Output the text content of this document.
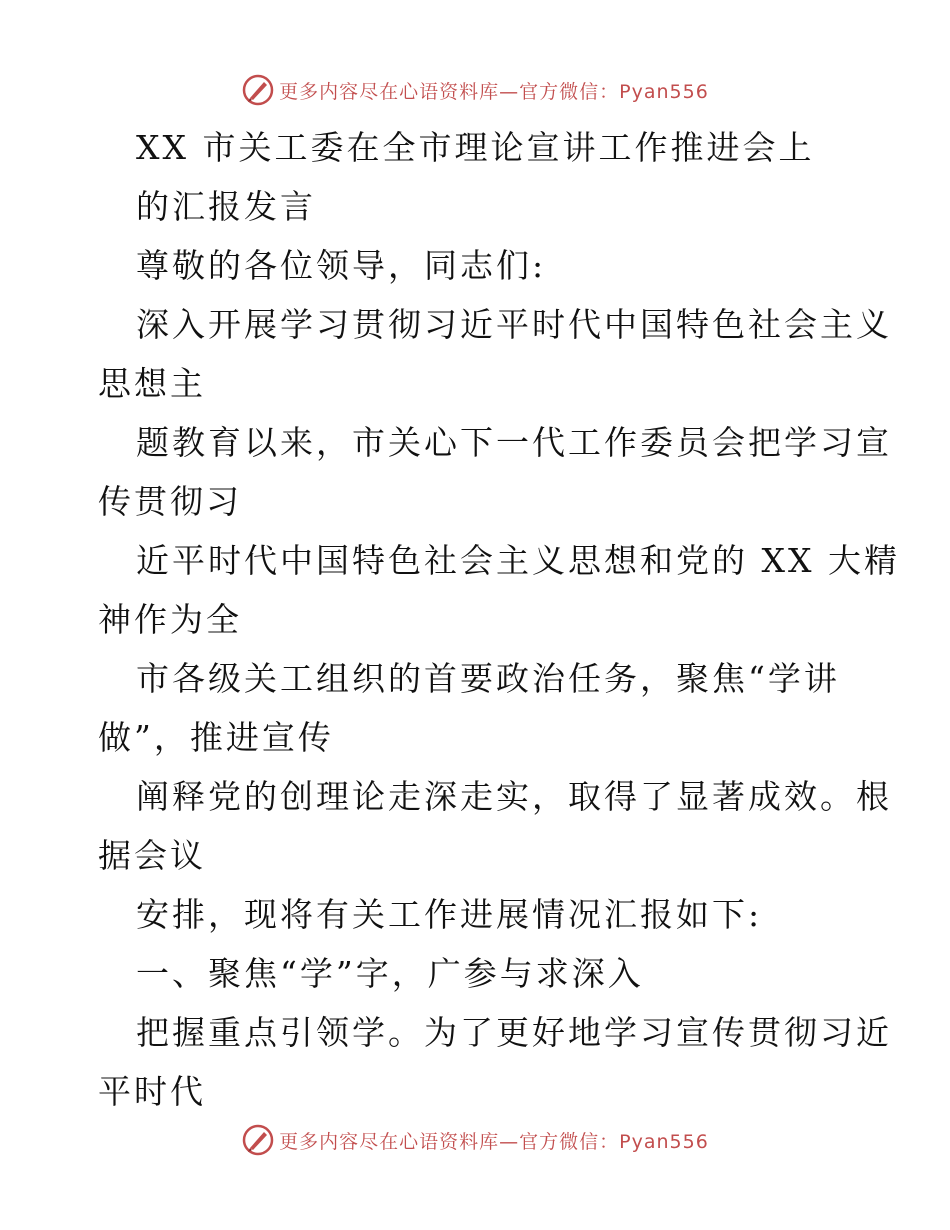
更多内容尽在心语资料库—官方微信：Pyan556

XX 市关工委在全市理论宣讲工作推进会上

的汇报发言

尊敬的各位领导，同志们:

深入开展学习贯彻习近平时代中国特色社会主义
思想主

题教育以来，市关心下一代工作委员会把学习宣
传贯彻习

近平时代中国特色社会主义思想和党的 XX 大精
神作为全

市各级关工组织的首要政治任务，聚焦“学讲
做”，推进宣传

阐释党的创理论走深走实，取得了显著成效。根
据会议

安排，现将有关工作进展情况汇报如下:

一、聚焦“学”字，广参与求深入

把握重点引领学。为了更好地学习宣传贯彻习近
平时代

更多内容尽在心语资料库—官方微信：Pyan556
